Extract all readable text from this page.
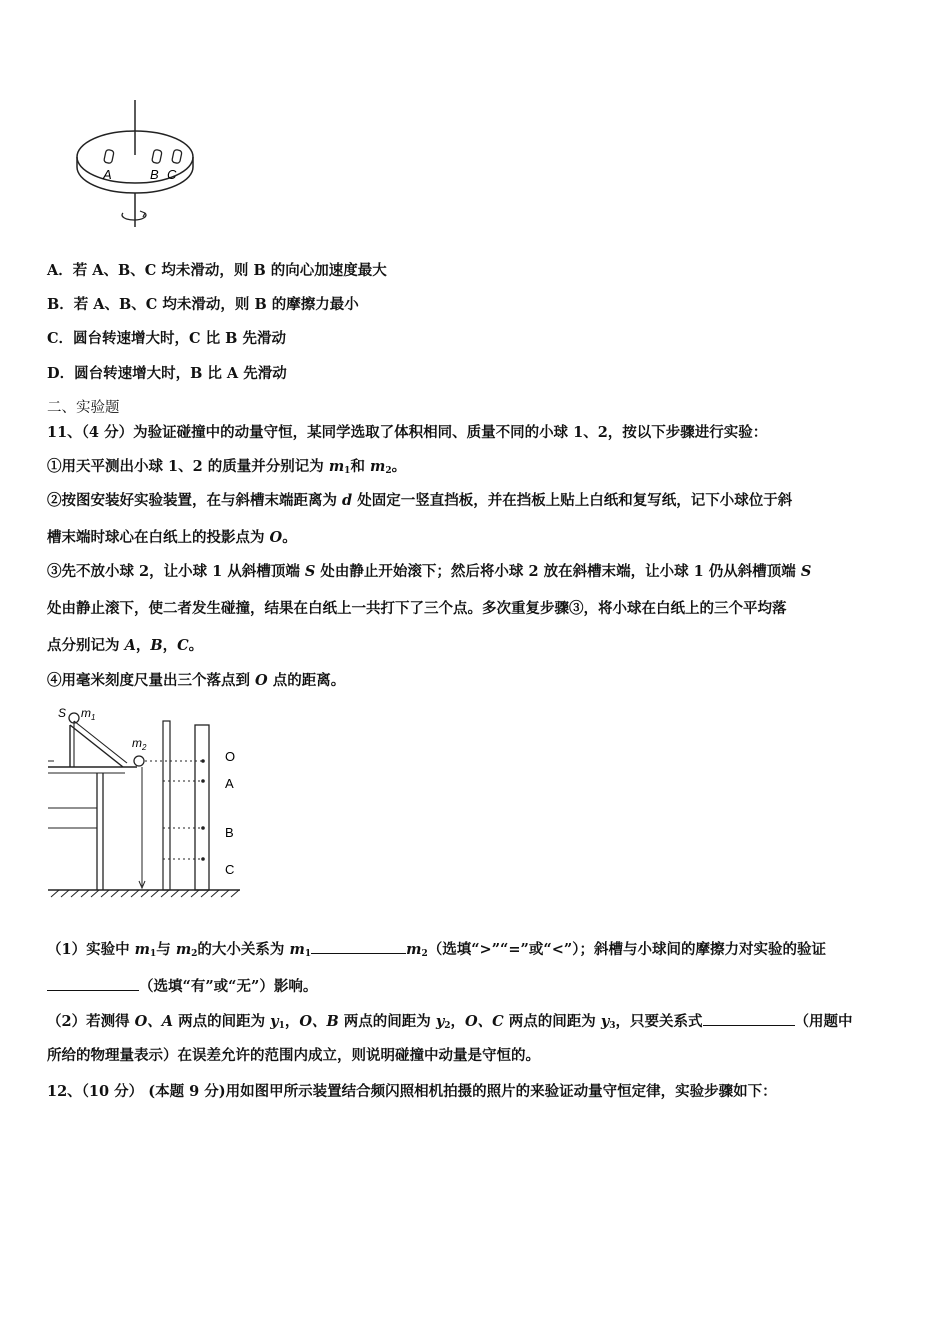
A	B C
A．若 A、B、C 均未滑动，则 B 的向心加速度最大
B．若 A、B、C 均未滑动，则 B 的摩擦力最小
C．圆台转速增大时，C 比 B 先滑动
D．圆台转速增大时，B 比 A 先滑动
二、实验题
11、（4 分）为验证碰撞中的动量守恒，某同学选取了体积相同、质量不同的小球 1、2，按以下步骤进行实验：
①用天平测出小球 1、2 的质量并分别记为 $m_1$和 $m_2$。
②按图安装好实验装置，在与斜槽末端距离为 d 处固定一竖直挡板，并在挡板上贴上白纸和复写纸，记下小球位于斜
槽末端时球心在白纸上的投影点为 O。
③先不放小球 2，让小球 1 从斜槽顶端 S 处由静止开始滚下；然后将小球 2 放在斜槽末端，让小球 1 仍从斜槽顶端 S
处由静止滚下，使二者发生碰撞，结果在白纸上一共打下了三个点。多次重复步骤③，将小球在白纸上的三个平均落
点分别记为 A，B，C。
④用毫米刻度尺量出三个落点到 O 点的距离。
S $m_1$
$m_2$
O
A
B
C
（1）实验中 $m_1$与 $m_2$的大小关系为 $m_1$	$m_2$（选填“>”“=”或“<”）；斜槽与小球间的摩擦力对实验的验证
（选填“有”或“无”）影响。
（2）若测得 O、A 两点的间距为 $y_1$，O、B 两点的间距为 $y_2$，O、C 两点的间距为 $y_3$，只要关系式	（用题中
所给的物理量表示）在误差允许的范围内成立，则说明碰撞中动量是守恒的。
12、（10 分） (本题 9 分)用如图甲所示装置结合频闪照相机拍摄的照片的来验证动量守恒定律，实验步骤如下：
